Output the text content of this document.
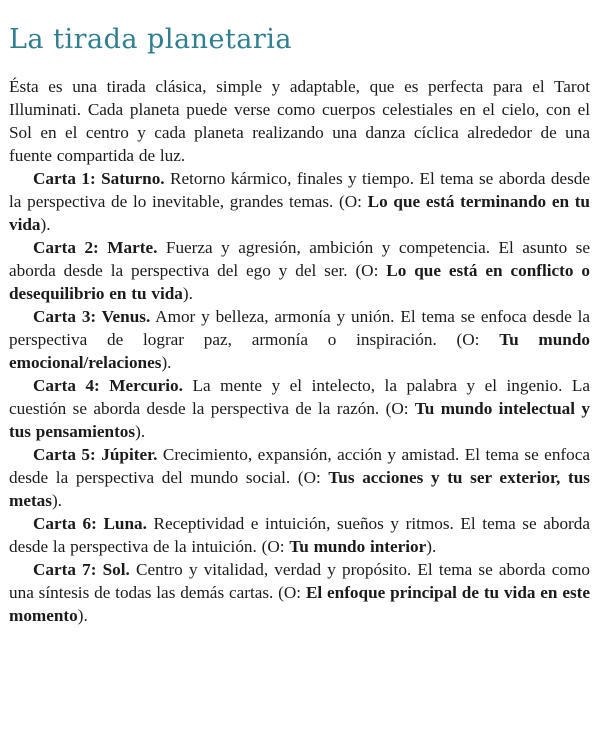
La tirada planetaria

Ésta es una tirada clásica, simple y adaptable, que es perfecta para el Tarot Illuminati. Cada planeta puede verse como cuerpos celestiales en el cielo, con el Sol en el centro y cada planeta realizando una danza cíclica alrededor de una fuente compartida de luz.

Carta 1: Saturno. Retorno kármico, finales y tiempo. El tema se aborda desde la perspectiva de lo inevitable, grandes temas. (O: Lo que está terminando en tu vida).

Carta 2: Marte. Fuerza y agresión, ambición y competencia. El asunto se aborda desde la perspectiva del ego y del ser. (O: Lo que está en conflicto o desequilibrio en tu vida).

Carta 3: Venus. Amor y belleza, armonía y unión. El tema se enfoca desde la perspectiva de lograr paz, armonía o inspiración. (O: Tu mundo emocional/relaciones).

Carta 4: Mercurio. La mente y el intelecto, la palabra y el ingenio. La cuestión se aborda desde la perspectiva de la razón. (O: Tu mundo intelectual y tus pensamientos).

Carta 5: Júpiter. Crecimiento, expansión, acción y amistad. El tema se enfoca desde la perspectiva del mundo social. (O: Tus acciones y tu ser exterior, tus metas).

Carta 6: Luna. Receptividad e intuición, sueños y ritmos. El tema se aborda desde la perspectiva de la intuición. (O: Tu mundo interior).

Carta 7: Sol. Centro y vitalidad, verdad y propósito. El tema se aborda como una síntesis de todas las demás cartas. (O: El enfoque principal de tu vida en este momento).
